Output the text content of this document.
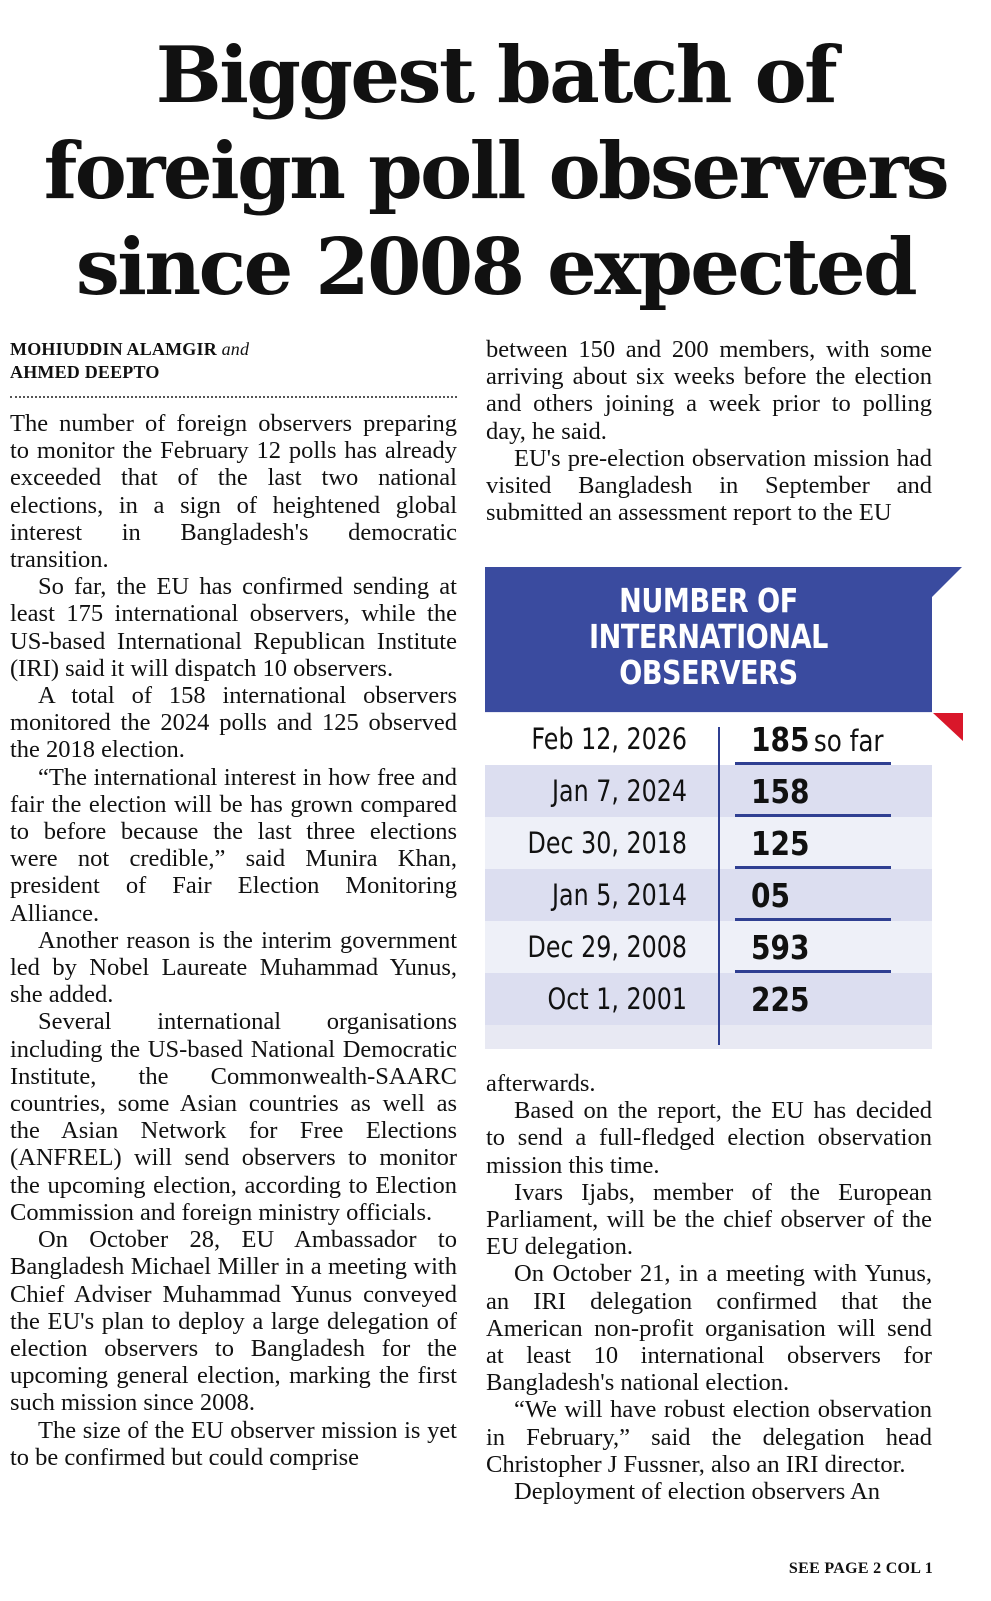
Biggest batch of
foreign poll observers
since 2008 expected
MOHIUDDIN ALAMGIR and
AHMED DEEPTO

The number of foreign observers preparing to monitor the February 12 polls has already exceeded that of the last two national elections, in a sign of heightened global interest in Bangladesh's democratic transition.

So far, the EU has confirmed sending at least 175 international observers, while the US-based International Republican Institute (IRI) said it will dispatch 10 observers.

A total of 158 international observers monitored the 2024 polls and 125 observed the 2018 election.

“The international interest in how free and fair the election will be has grown compared to before because the last three elections were not credible,” said Munira Khan, president of Fair Election Monitoring Alliance.

Another reason is the interim government led by Nobel Laureate Muhammad Yunus, she added.

Several international organisations including the US-based National Democratic Institute, the Commonwealth-SAARC countries, some Asian countries as well as the Asian Network for Free Elections (ANFREL) will send observers to monitor the upcoming election, according to Election Commission and foreign ministry officials.

On October 28, EU Ambassador to Bangladesh Michael Miller in a meeting with Chief Adviser Muhammad Yunus conveyed the EU's plan to deploy a large delegation of election observers to Bangladesh for the upcoming general election, marking the first such mission since 2008.

The size of the EU observer mission is yet to be confirmed but could comprise

between 150 and 200 members, with some arriving about six weeks before the election and others joining a week prior to polling day, he said.

EU's pre-election observation mission had visited Bangladesh in September and submitted an assessment report to the EU

NUMBER OF
INTERNATIONAL
OBSERVERS
Feb 12, 2026 185 so far
Jan 7, 2024 158
Dec 30, 2018 125
Jan 5, 2014 05
Dec 29, 2008 593
Oct 1, 2001 225

afterwards.

Based on the report, the EU has decided to send a full-fledged election observation mission this time.

Ivars Ijabs, member of the European Parliament, will be the chief observer of the EU delegation.

On October 21, in a meeting with Yunus, an IRI delegation confirmed that the American non-profit organisation will send at least 10 international observers for Bangladesh's national election.

“We will have robust election observation in February,” said the delegation head Christopher J Fussner, also an IRI director.

Deployment of election observers An

SEE PAGE 2 COL 1
